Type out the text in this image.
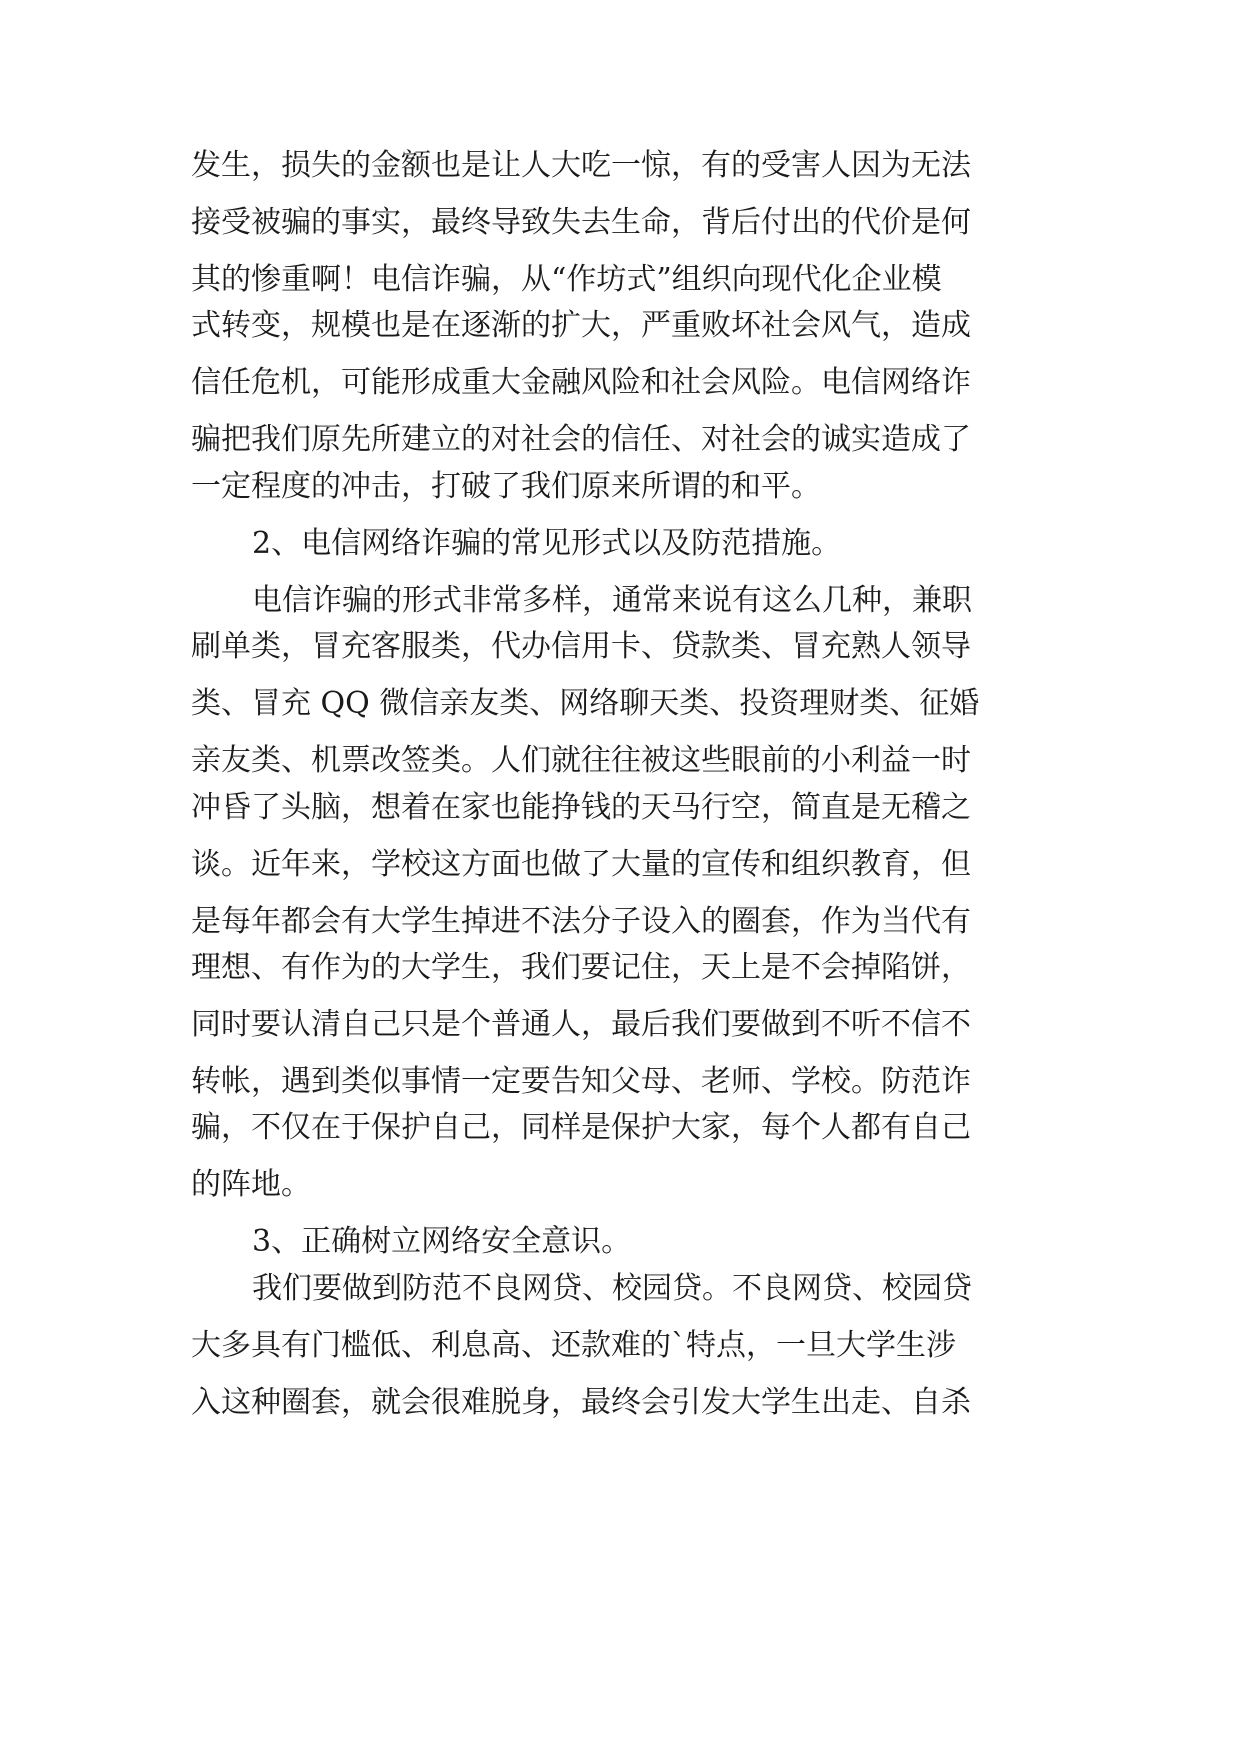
发生，损失的金额也是让人大吃一惊，有的受害人因为无法
接受被骗的事实，最终导致失去生命，背后付出的代价是何
其的惨重啊！电信诈骗，从“作坊式”组织向现代化企业模
式转变，规模也是在逐渐的扩大，严重败坏社会风气，造成
信任危机，可能形成重大金融风险和社会风险。电信网络诈
骗把我们原先所建立的对社会的信任、对社会的诚实造成了
一定程度的冲击，打破了我们原来所谓的和平。
2、电信网络诈骗的常见形式以及防范措施。
电信诈骗的形式非常多样，通常来说有这么几种，兼职
刷单类，冒充客服类，代办信用卡、贷款类、冒充熟人领导
类、冒充 QQ 微信亲友类、网络聊天类、投资理财类、征婚
亲友类、机票改签类。人们就往往被这些眼前的小利益一时
冲昏了头脑，想着在家也能挣钱的天马行空，简直是无稽之
谈。近年来，学校这方面也做了大量的宣传和组织教育，但
是每年都会有大学生掉进不法分子设入的圈套，作为当代有
理想、有作为的大学生，我们要记住，天上是不会掉陷饼，
同时要认清自己只是个普通人，最后我们要做到不听不信不
转帐，遇到类似事情一定要告知父母、老师、学校。防范诈
骗，不仅在于保护自己，同样是保护大家，每个人都有自己
的阵地。
3、正确树立网络安全意识。
我们要做到防范不良网贷、校园贷。不良网贷、校园贷
大多具有门槛低、利息高、还款难的`特点，一旦大学生涉
入这种圈套，就会很难脱身，最终会引发大学生出走、自杀
